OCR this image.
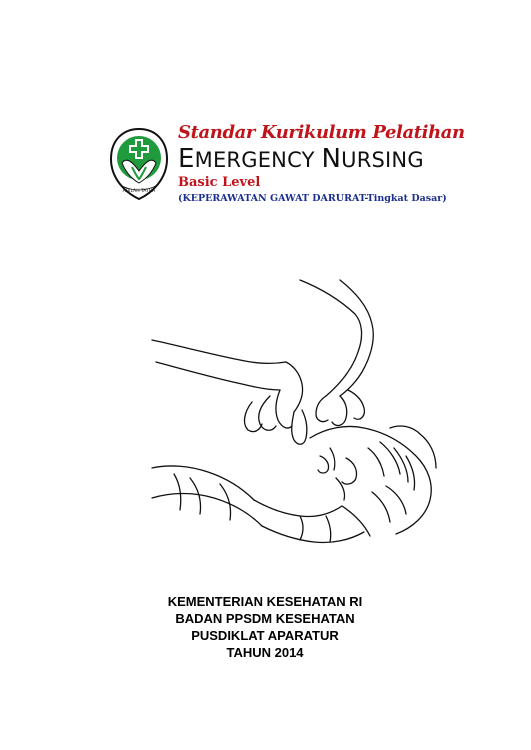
ADILAH TATHA
Standar Kurikulum Pelatihan
EMERGENCY NURSING
Basic Level
(KEPERAWATAN GAWAT DARURAT-Tingkat Dasar)
KEMENTERIAN KESEHATAN RI
BADAN PPSDM KESEHATAN
PUSDIKLAT APARATUR
TAHUN 2014
